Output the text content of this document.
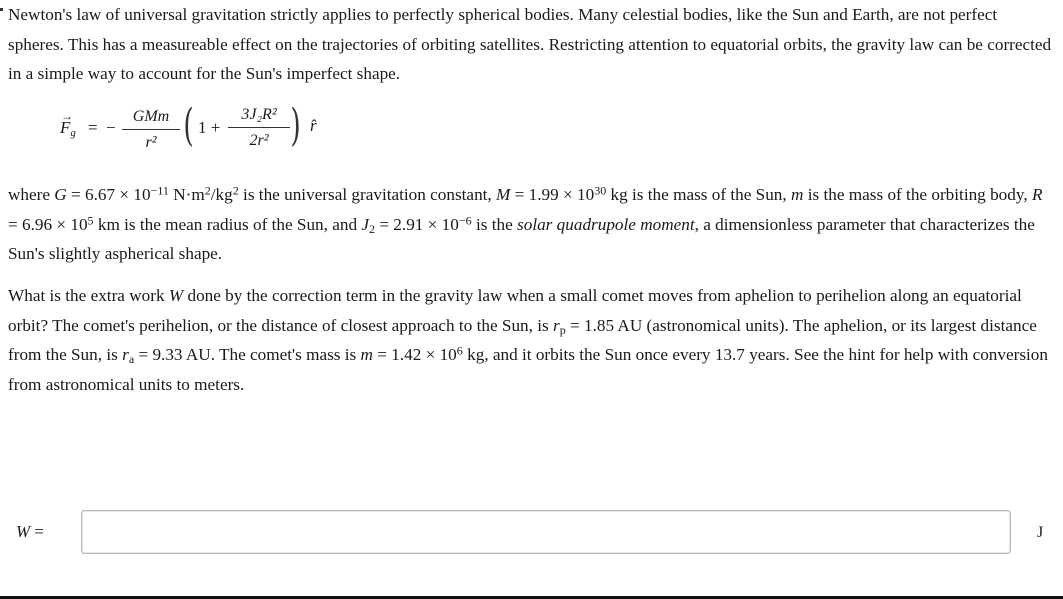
Newton's law of universal gravitation strictly applies to perfectly spherical bodies. Many celestial bodies, like the Sun and Earth, are not perfect spheres. This has a measureable effect on the trajectories of orbiting satellites. Restricting attention to equatorial orbits, the gravity law can be corrected in a simple way to account for the Sun's imperfect shape.

→
$F_g$ = −
GMm
r² ( 1 +
3J₂R²
2r² ) r̂

where $G = 6.67 \times 10^{-11}$ $N\cdot m^2/kg^2$ is the universal gravitation constant, $M = 1.99 \times 10^{30}$ kg is the mass of the Sun, m is the mass of the orbiting body, $R = 6.96 \times 10^5$ km is the mean radius of the Sun, and $J_2 = 2.91 \times 10^{-6}$ is the solar quadrupole moment, a dimensionless parameter that characterizes the Sun's slightly aspherical shape.

What is the extra work W done by the correction term in the gravity law when a small comet moves from aphelion to perihelion along an equatorial orbit? The comet's perihelion, or the distance of closest approach to the Sun, is $r_p = 1.85$ AU (astronomical units). The aphelion, or its largest distance from the Sun, is $r_a = 9.33$ AU. The comet's mass is $m = 1.42 \times 10^6$ kg, and it orbits the Sun once every 13.7 years. See the hint for help with conversion from astronomical units to meters.

W =	J
